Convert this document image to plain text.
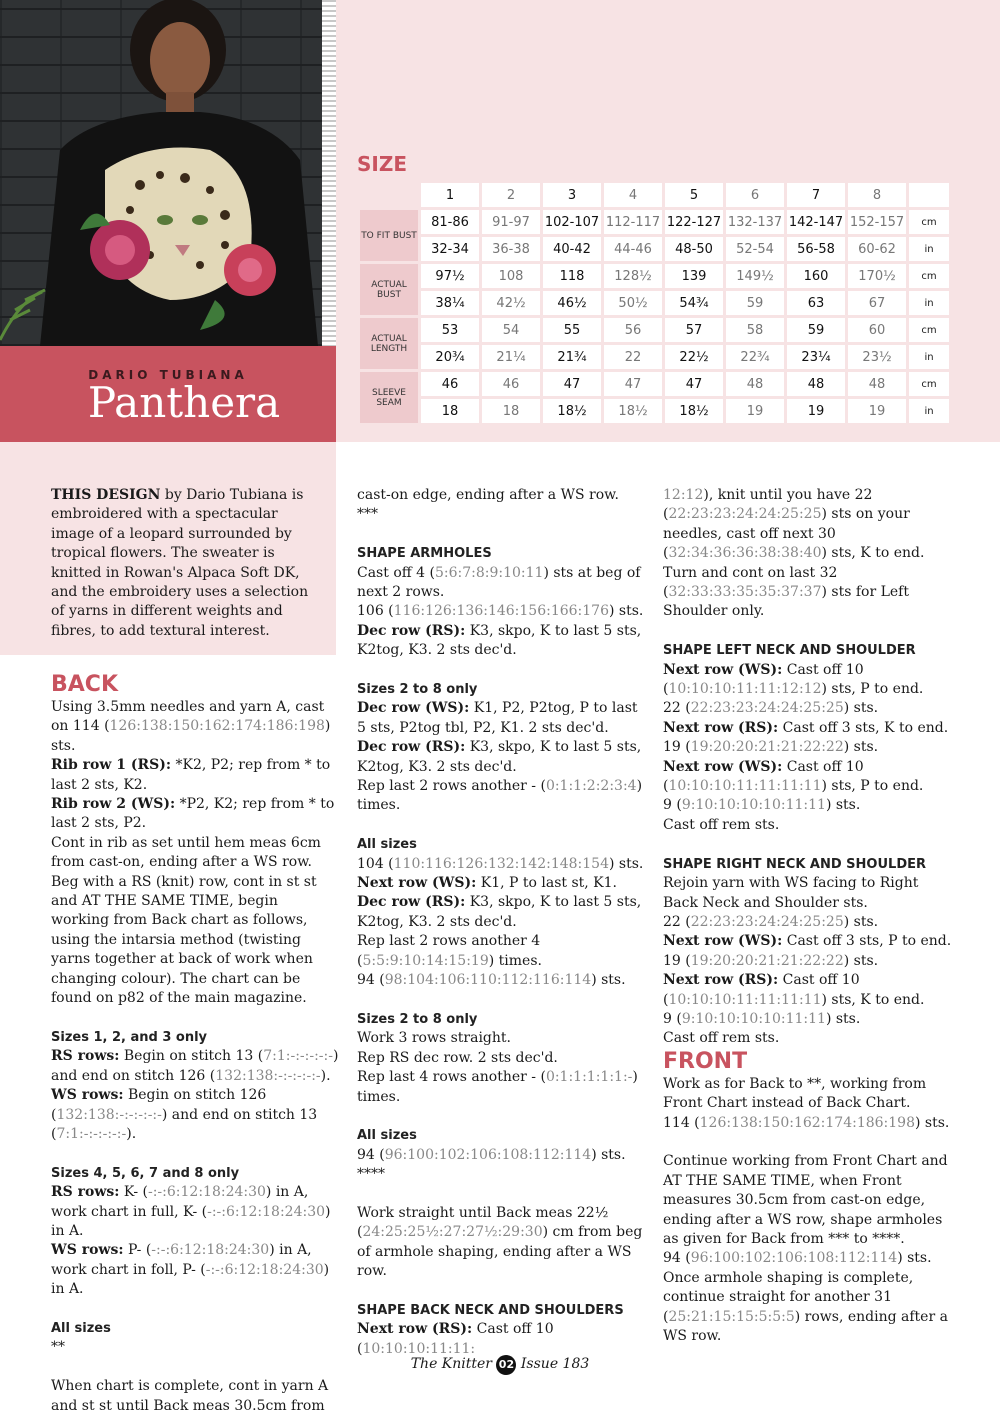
DARIO TUBIANA
Panthera
SIZE
	1	2	3	4	5	6	7	8	
TO FIT BUST	81-86	91-97	102-107	112-117	122-127	132-137	142-147	152-157	cm
	32-34	36-38	40-42	44-46	48-50	52-54	56-58	60-62	in
ACTUAL BUST	97½	108	118	128½	139	149½	160	170½	cm
	38¼	42½	46½	50½	54¾	59	63	67	in
ACTUAL LENGTH	53	54	55	56	57	58	59	60	cm
	20¾	21¼	21¾	22	22½	22¾	23¼	23½	in
SLEEVE SEAM	46	46	47	47	47	48	48	48	cm
	18	18	18½	18½	18½	19	19	19	in

THIS DESIGN by Dario Tubiana is embroidered with a spectacular image of a leopard surrounded by tropical flowers. The sweater is knitted in Rowan's Alpaca Soft DK, and the embroidery uses a selection of yarns in different weights and fibres, to add textural interest.

BACK

Using 3.5mm needles and yarn A, cast on 114 (126:138:150:162:174:186:198) sts.

Rib row 1 (RS): *K2, P2; rep from * to last 2 sts, K2.

Rib row 2 (WS): *P2, K2; rep from * to last 2 sts, P2.

Cont in rib as set until hem meas 6cm from cast-on, ending after a WS row.

Beg with a RS (knit) row, cont in st st and AT THE SAME TIME, begin working from Back chart as follows, using the intarsia method (twisting yarns together at back of work when changing colour). The chart can be found on p82 of the main magazine.

Sizes 1, 2, and 3 only

RS rows: Begin on stitch 13 (7:1:-:-:-:-:-) and end on stitch 126 (132:138:-:-:-:-:-).

WS rows: Begin on stitch 126 (132:138:-:-:-:-:-) and end on stitch 13 (7:1:-:-:-:-:-).

Sizes 4, 5, 6, 7 and 8 only

RS rows: K- (-:-:6:12:18:24:30) in A, work chart in full, K- (-:-:6:12:18:24:30) in A.

WS rows: P- (-:-:6:12:18:24:30) in A, work chart in foll, P- (-:-:6:12:18:24:30) in A.

All sizes

**

When chart is complete, cont in yarn A and st st until Back meas 30.5cm from

cast-on edge, ending after a WS row.

***

SHAPE ARMHOLES

Cast off 4 (5:6:7:8:9:10:11) sts at beg of next 2 rows.

106 (116:126:136:146:156:166:176) sts.

Dec row (RS): K3, skpo, K to last 5 sts, K2tog, K3. 2 sts dec'd.

Sizes 2 to 8 only

Dec row (WS): K1, P2, P2tog, P to last 5 sts, P2tog tbl, P2, K1. 2 sts dec'd.

Dec row (RS): K3, skpo, K to last 5 sts, K2tog, K3. 2 sts dec'd.

Rep last 2 rows another - (0:1:1:2:2:3:4) times.

All sizes

104 (110:116:126:132:142:148:154) sts.

Next row (WS): K1, P to last st, K1.

Dec row (RS): K3, skpo, K to last 5 sts, K2tog, K3. 2 sts dec'd.

Rep last 2 rows another 4 (5:5:9:10:14:15:19) times.

94 (98:104:106:110:112:116:114) sts.

Sizes 2 to 8 only

Work 3 rows straight.

Rep RS dec row. 2 sts dec'd.

Rep last 4 rows another - (0:1:1:1:1:1:-) times.

All sizes

94 (96:100:102:106:108:112:114) sts.

****

Work straight until Back meas 22½ (24:25:25½:27:27½:29:30) cm from beg of armhole shaping, ending after a WS row.

SHAPE BACK NECK AND SHOULDERS

Next row (RS): Cast off 10 (10:10:10:11:11:

12:12), knit until you have 22 (22:23:23:24:24:25:25) sts on your needles, cast off next 30 (32:34:36:36:38:38:40) sts, K to end.

Turn and cont on last 32 (32:33:33:35:35:37:37) sts for Left Shoulder only.

SHAPE LEFT NECK AND SHOULDER

Next row (WS): Cast off 10 (10:10:10:11:11:12:12) sts, P to end.

22 (22:23:23:24:24:25:25) sts.

Next row (RS): Cast off 3 sts, K to end.

19 (19:20:20:21:21:22:22) sts.

Next row (WS): Cast off 10 (10:10:10:11:11:11:11) sts, P to end.

9 (9:10:10:10:10:11:11) sts.

Cast off rem sts.

SHAPE RIGHT NECK AND SHOULDER

Rejoin yarn with WS facing to Right Back Neck and Shoulder sts.

22 (22:23:23:24:24:25:25) sts.

Next row (WS): Cast off 3 sts, P to end.

19 (19:20:20:21:21:22:22) sts.

Next row (RS): Cast off 10 (10:10:10:11:11:11:11) sts, K to end.

9 (9:10:10:10:10:11:11) sts.

Cast off rem sts.

FRONT

Work as for Back to **, working from Front Chart instead of Back Chart.

114 (126:138:150:162:174:186:198) sts.

Continue working from Front Chart and AT THE SAME TIME, when Front measures 30.5cm from cast-on edge, ending after a WS row, shape armholes as given for Back from *** to ****.

94 (96:100:102:106:108:112:114) sts.

Once armhole shaping is complete, continue straight for another 31 (25:21:15:15:5:5:5) rows, ending after a WS row.

The Knitter 02 Issue 183
